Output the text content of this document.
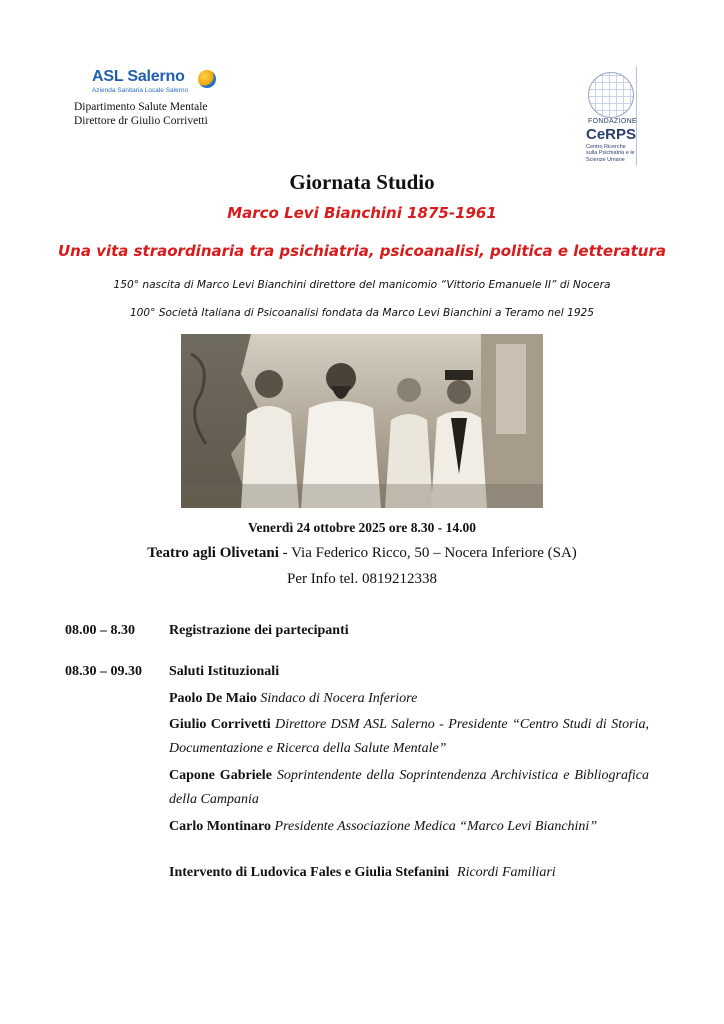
ASL Salerno
Azienda Sanitaria Locale Salerno
Dipartimento Salute Mentale
Direttore dr Giulio Corrivetti	FONDAZIONE
CeRPS
Centro Ricerche sulla Psichiatria e le Scienze Umane
Giornata Studio
Marco Levi Bianchini 1875-1961
Una vita straordinaria tra psichiatria, psicoanalisi, politica e letteratura
150° nascita di Marco Levi Bianchini direttore del manicomio “Vittorio Emanuele II” di Nocera
100° Società Italiana di Psicoanalisi fondata da Marco Levi Bianchini a Teramo nel 1925
Venerdì 24 ottobre 2025 ore 8.30 - 14.00
Teatro agli Olivetani - Via Federico Ricco, 50 – Nocera Inferiore (SA)
Per Info tel. 0819212338
08.00 – 8.30 Registrazione dei partecipanti
08.30 – 09.30 Saluti Istituzionali
Paolo De Maio Sindaco di Nocera Inferiore
Giulio Corrivetti Direttore DSM ASL Salerno - Presidente “Centro Studi di Storia, Documentazione e Ricerca della Salute Mentale”
Capone Gabriele Soprintendente della Soprintendenza Archivistica e Bibliografica della Campania
Carlo Montinaro Presidente Associazione Medica “Marco Levi Bianchini”
Intervento di Ludovica Fales e Giulia Stefanini Ricordi Familiari
